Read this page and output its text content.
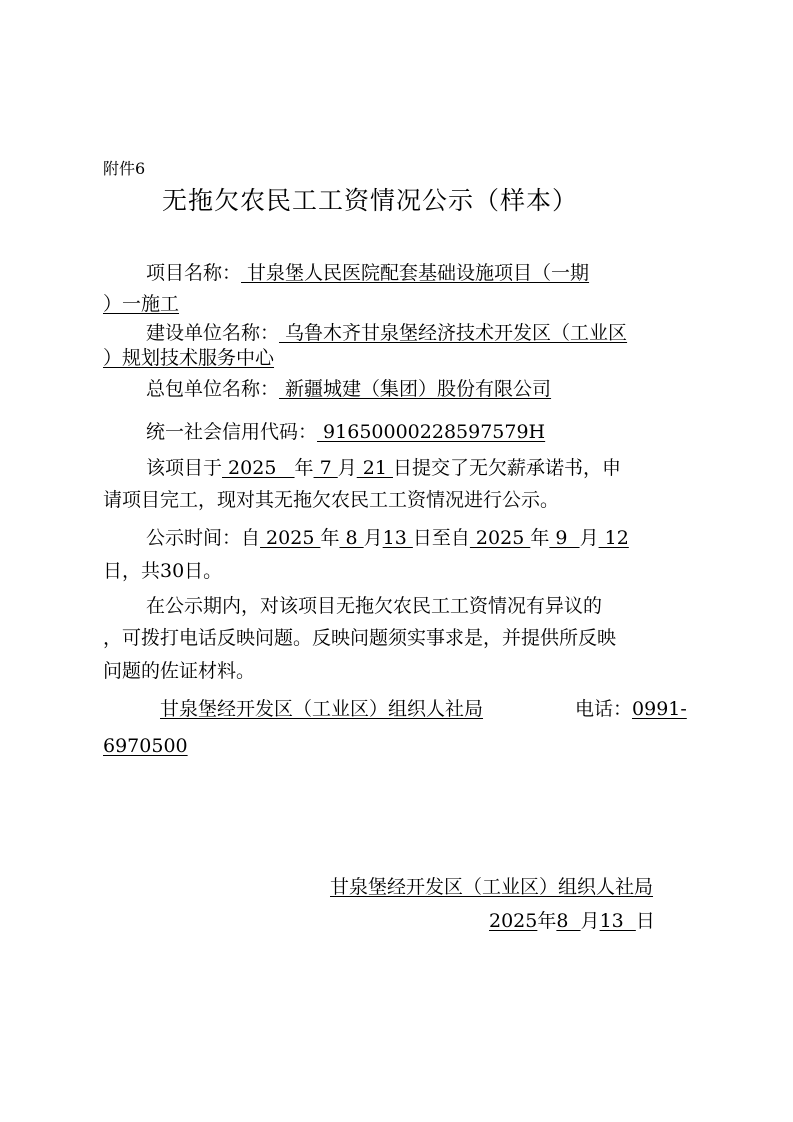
附件6
无拖欠农民工工资情况公示（样本）
项目名称： 甘泉堡人民医院配套基础设施项目（一期
）一施工
建设单位名称： 乌鲁木齐甘泉堡经济技术开发区（工业区
）规划技术服务中心
总包单位名称： 新疆城建（集团）股份有限公司
统一社会信用代码： 91650000228597579H
该项目于 2025   年 7 月 21 日提交了无欠薪承诺书，申
请项目完工，现对其无拖欠农民工工资情况进行公示。
公示时间：自 2025 年 8 月13 日至自 2025 年 9  月 12
日，共30日。
在公示期内，对该项目无拖欠农民工工资情况有异议的
，可拨打电话反映问题。反映问题须实事求是，并提供所反映
问题的佐证材料。
甘泉堡经开发区（工业区）组织人社局	电话：0991-
6970500
甘泉堡经开发区（工业区）组织人社局
2025年8  月13  日
